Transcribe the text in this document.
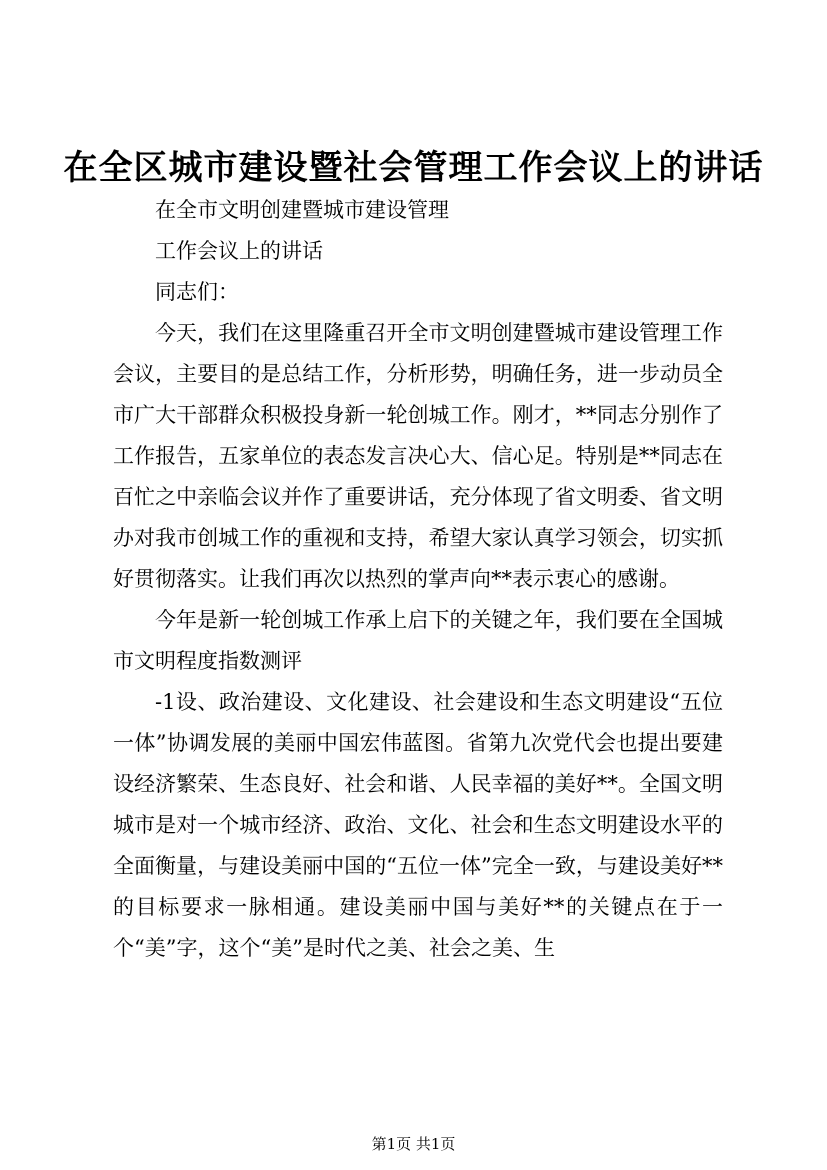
在全区城市建设暨社会管理工作会议上的讲话

在全市文明创建暨城市建设管理

工作会议上的讲话

同志们：

今天，我们在这里隆重召开全市文明创建暨城市建设管理工作会议，主要目的是总结工作，分析形势，明确任务，进一步动员全市广大干部群众积极投身新一轮创城工作。刚才，**同志分别作了工作报告，五家单位的表态发言决心大、信心足。特别是**同志在百忙之中亲临会议并作了重要讲话，充分体现了省文明委、省文明办对我市创城工作的重视和支持，希望大家认真学习领会，切实抓好贯彻落实。让我们再次以热烈的掌声向**表示衷心的感谢。

今年是新一轮创城工作承上启下的关键之年，我们要在全国城市文明程度指数测评

-1设、政治建设、文化建设、社会建设和生态文明建设“五位一体”协调发展的美丽中国宏伟蓝图。省第九次党代会也提出要建设经济繁荣、生态良好、社会和谐、人民幸福的美好**。全国文明城市是对一个城市经济、政治、文化、社会和生态文明建设水平的全面衡量，与建设美丽中国的“五位一体”完全一致，与建设美好**的目标要求一脉相通。建设美丽中国与美好**的关键点在于一个“美”字，这个“美”是时代之美、社会之美、生

第1页 共1页
